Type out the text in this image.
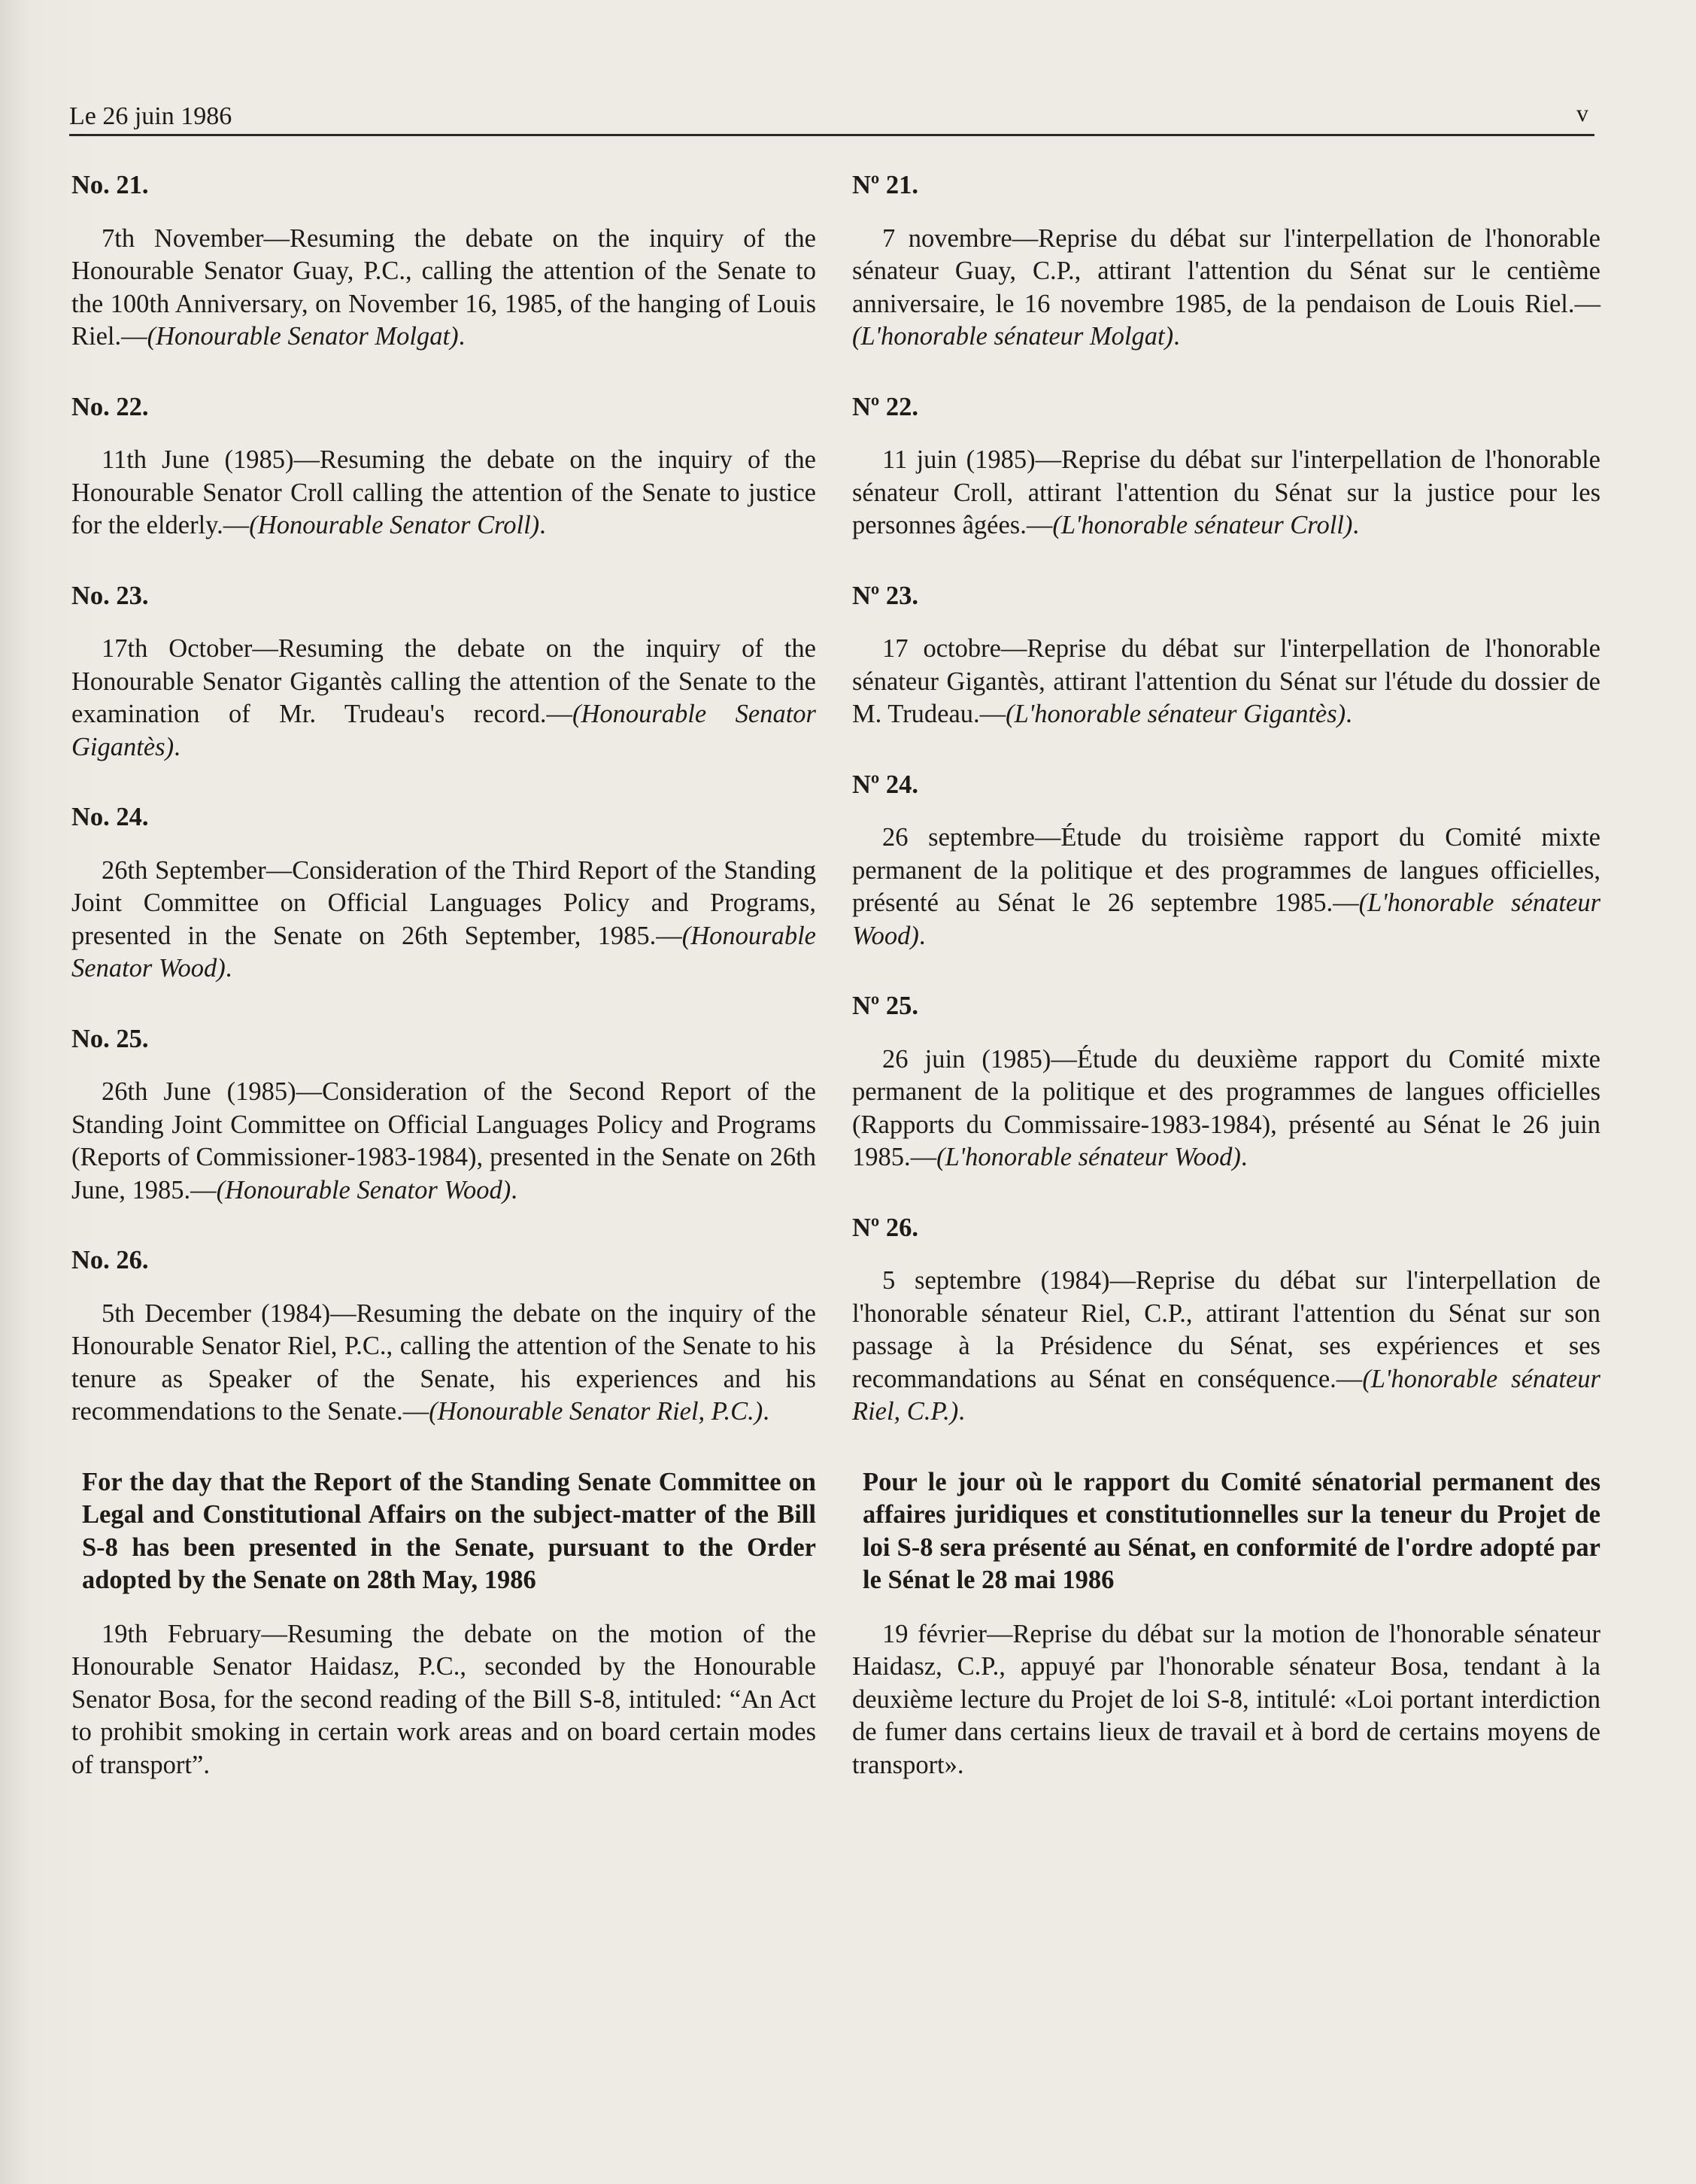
Le 26 juin 1986	v

No. 21.

7th November—Resuming the debate on the inquiry of the Honourable Senator Guay, P.C., calling the attention of the Senate to the 100th Anniversary, on November 16, 1985, of the hanging of Louis Riel.—(Honourable Senator Molgat).

No. 22.

11th June (1985)—Resuming the debate on the inquiry of the Honourable Senator Croll calling the attention of the Senate to justice for the elderly.—(Honourable Senator Croll).

No. 23.

17th October—Resuming the debate on the inquiry of the Honourable Senator Gigantès calling the attention of the Senate to the examination of Mr. Trudeau's record.—(Honourable Senator Gigantès).

No. 24.

26th September—Consideration of the Third Report of the Standing Joint Committee on Official Languages Policy and Programs, presented in the Senate on 26th September, 1985.—(Honourable Senator Wood).

No. 25.

26th June (1985)—Consideration of the Second Report of the Standing Joint Committee on Official Languages Policy and Programs (Reports of Commissioner-1983-1984), presented in the Senate on 26th June, 1985.—(Honourable Senator Wood).

No. 26.

5th December (1984)—Resuming the debate on the inquiry of the Honourable Senator Riel, P.C., calling the attention of the Senate to his tenure as Speaker of the Senate, his experiences and his recommendations to the Senate.—(Honourable Senator Riel, P.C.).

For the day that the Report of the Standing Senate Committee on Legal and Constitutional Affairs on the subject-matter of the Bill S-8 has been presented in the Senate, pursuant to the Order adopted by the Senate on 28th May, 1986

19th February—Resuming the debate on the motion of the Honourable Senator Haidasz, P.C., seconded by the Honourable Senator Bosa, for the second reading of the Bill S-8, intituled: “An Act to prohibit smoking in certain work areas and on board certain modes of transport”.

Nº 21.

7 novembre—Reprise du débat sur l'interpellation de l'honorable sénateur Guay, C.P., attirant l'attention du Sénat sur le centième anniversaire, le 16 novembre 1985, de la pendaison de Louis Riel.—(L'honorable sénateur Molgat).

Nº 22.

11 juin (1985)—Reprise du débat sur l'interpellation de l'honorable sénateur Croll, attirant l'attention du Sénat sur la justice pour les personnes âgées.—(L'honorable sénateur Croll).

Nº 23.

17 octobre—Reprise du débat sur l'interpellation de l'honorable sénateur Gigantès, attirant l'attention du Sénat sur l'étude du dossier de M. Trudeau.—(L'honorable sénateur Gigantès).

Nº 24.

26 septembre—Étude du troisième rapport du Comité mixte permanent de la politique et des programmes de langues officielles, présenté au Sénat le 26 septembre 1985.—(L'honorable sénateur Wood).

Nº 25.

26 juin (1985)—Étude du deuxième rapport du Comité mixte permanent de la politique et des programmes de langues officielles (Rapports du Commissaire-1983-1984), présenté au Sénat le 26 juin 1985.—(L'honorable sénateur Wood).

Nº 26.

5 septembre (1984)—Reprise du débat sur l'interpellation de l'honorable sénateur Riel, C.P., attirant l'attention du Sénat sur son passage à la Présidence du Sénat, ses expériences et ses recommandations au Sénat en conséquence.—(L'honorable sénateur Riel, C.P.).

Pour le jour où le rapport du Comité sénatorial permanent des affaires juridiques et constitutionnelles sur la teneur du Projet de loi S-8 sera présenté au Sénat, en conformité de l'ordre adopté par le Sénat le 28 mai 1986

19 février—Reprise du débat sur la motion de l'honorable sénateur Haidasz, C.P., appuyé par l'honorable sénateur Bosa, tendant à la deuxième lecture du Projet de loi S-8, intitulé: «Loi portant interdiction de fumer dans certains lieux de travail et à bord de certains moyens de transport».
